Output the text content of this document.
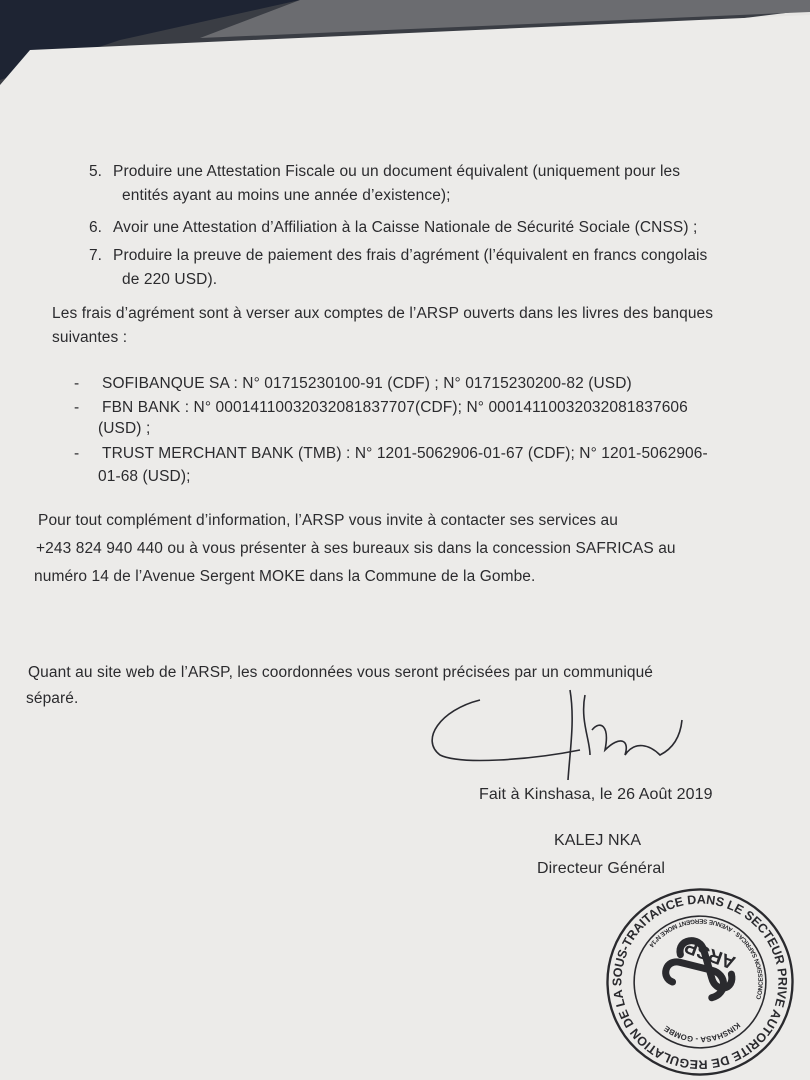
5. Produire une Attestation Fiscale ou un document équivalent (uniquement pour les
entités ayant au moins une année d’existence);
6. Avoir une Attestation d’Affiliation à la Caisse Nationale de Sécurité Sociale (CNSS) ;
7. Produire la preuve de paiement des frais d’agrément (l’équivalent en francs congolais
de 220 USD).
Les frais d’agrément sont à verser aux comptes de l’ARSP ouverts dans les livres des banques
suivantes :
- SOFIBANQUE SA : N° 01715230100-91 (CDF) ; N° 01715230200-82 (USD)
- FBN BANK : N° 00014110032032081837707(CDF); N° 00014110032032081837606
(USD) ;
- TRUST MERCHANT BANK (TMB) : N° 1201-5062906-01-67 (CDF); N° 1201-5062906-
01-68 (USD);
Pour tout complément d’information, l’ARSP vous invite à contacter ses services au
+243 824 940 440 ou à vous présenter à ses bureaux sis dans la concession SAFRICAS au
numéro 14 de l’Avenue Sergent MOKE dans la Commune de la Gombe.
Quant au site web de l’ARSP, les coordonnées vous seront précisées par un communiqué
séparé.
Fait à Kinshasa, le 26 Août 2019
KALEJ NKA
Directeur Général
AUTORITE DE REGULATION DE LA SOUS-TRAITANCE DANS LE SECTEUR PRIVE
KINSHASA - GOMBE
CONCESSION SAFRICAS - AVENUE SERGENT MOKE N°14	ARSP
